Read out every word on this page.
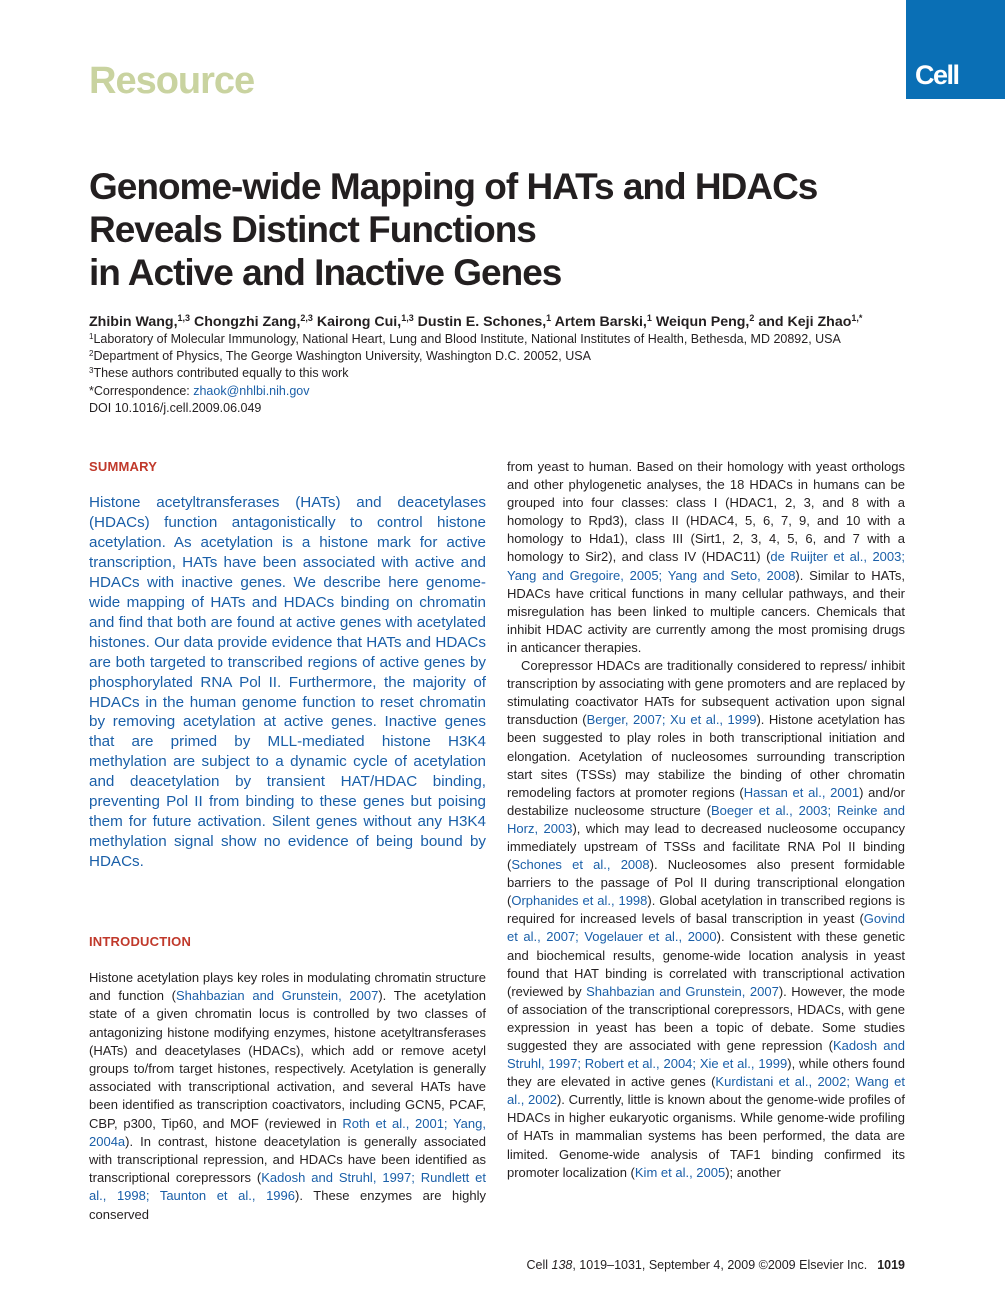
Resource	Cell
Genome-wide Mapping of HATs and HDACs
Reveals Distinct Functions
in Active and Inactive Genes
Zhibin Wang,$^{1,3}$ Chongzhi Zang,$^{2,3}$ Kairong Cui,$^{1,3}$ Dustin E. Schones,$^1$ Artem Barski,$^1$ Weiqun Peng,$^2$ and Keji Zhao$^{1,*}$
$^1$Laboratory of Molecular Immunology, National Heart, Lung and Blood Institute, National Institutes of Health, Bethesda, MD 20892, USA
$^2$Department of Physics, The George Washington University, Washington D.C. 20052, USA
$^3$These authors contributed equally to this work
*Correspondence: zhaok@nhlbi.nih.gov
DOI 10.1016/j.cell.2009.06.049
SUMMARY
Histone acetyltransferases (HATs) and deacetylases (HDACs) function antagonistically to control histone acetylation. As acetylation is a histone mark for active transcription, HATs have been associated with active and HDACs with inactive genes. We describe here genome-wide mapping of HATs and HDACs binding on chromatin and find that both are found at active genes with acetylated histones. Our data provide evidence that HATs and HDACs are both targeted to transcribed regions of active genes by phosphorylated RNA Pol II. Furthermore, the majority of HDACs in the human genome function to reset chromatin by removing acetylation at active genes. Inactive genes that are primed by MLL-mediated histone H3K4 methylation are subject to a dynamic cycle of acetylation and deacetylation by transient HAT/HDAC binding, preventing Pol II from binding to these genes but poising them for future activation. Silent genes without any H3K4 methylation signal show no evidence of being bound by HDACs.
INTRODUCTION

Histone acetylation plays key roles in modulating chromatin structure and function (Shahbazian and Grunstein, 2007). The acetylation state of a given chromatin locus is controlled by two classes of antagonizing histone modifying enzymes, histone acetyltransferases (HATs) and deacetylases (HDACs), which add or remove acetyl groups to/from target histones, respectively. Acetylation is generally associated with transcriptional activation, and several HATs have been identified as transcription coactivators, including GCN5, PCAF, CBP, p300, Tip60, and MOF (reviewed in Roth et al., 2001; Yang, 2004a). In contrast, histone deacetylation is generally associated with transcriptional repression, and HDACs have been identified as transcriptional corepressors (Kadosh and Struhl, 1997; Rundlett et al., 1998; Taunton et al., 1996). These enzymes are highly conserved

from yeast to human. Based on their homology with yeast orthologs and other phylogenetic analyses, the 18 HDACs in humans can be grouped into four classes: class I (HDAC1, 2, 3, and 8 with a homology to Rpd3), class II (HDAC4, 5, 6, 7, 9, and 10 with a homology to Hda1), class III (Sirt1, 2, 3, 4, 5, 6, and 7 with a homology to Sir2), and class IV (HDAC11) (de Ruijter et al., 2003; Yang and Gregoire, 2005; Yang and Seto, 2008). Similar to HATs, HDACs have critical functions in many cellular pathways, and their misregulation has been linked to multiple cancers. Chemicals that inhibit HDAC activity are currently among the most promising drugs in anticancer therapies.

Corepressor HDACs are traditionally considered to repress/ inhibit transcription by associating with gene promoters and are replaced by stimulating coactivator HATs for subsequent activation upon signal transduction (Berger, 2007; Xu et al., 1999). Histone acetylation has been suggested to play roles in both transcriptional initiation and elongation. Acetylation of nucleosomes surrounding transcription start sites (TSSs) may stabilize the binding of other chromatin remodeling factors at promoter regions (Hassan et al., 2001) and/or destabilize nucleosome structure (Boeger et al., 2003; Reinke and Horz, 2003), which may lead to decreased nucleosome occupancy immediately upstream of TSSs and facilitate RNA Pol II binding (Schones et al., 2008). Nucleosomes also present formidable barriers to the passage of Pol II during transcriptional elongation (Orphanides et al., 1998). Global acetylation in transcribed regions is required for increased levels of basal transcription in yeast (Govind et al., 2007; Vogelauer et al., 2000). Consistent with these genetic and biochemical results, genome-wide location analysis in yeast found that HAT binding is correlated with transcriptional activation (reviewed by Shahbazian and Grunstein, 2007). However, the mode of association of the transcriptional corepressors, HDACs, with gene expression in yeast has been a topic of debate. Some studies suggested they are associated with gene repression (Kadosh and Struhl, 1997; Robert et al., 2004; Xie et al., 1999), while others found they are elevated in active genes (Kurdistani et al., 2002; Wang et al., 2002). Currently, little is known about the genome-wide profiles of HDACs in higher eukaryotic organisms. While genome-wide profiling of HATs in mammalian systems has been performed, the data are limited. Genome-wide analysis of TAF1 binding confirmed its promoter localization (Kim et al., 2005); another

Cell 138, 1019–1031, September 4, 2009 ©2009 Elsevier Inc. 1019
